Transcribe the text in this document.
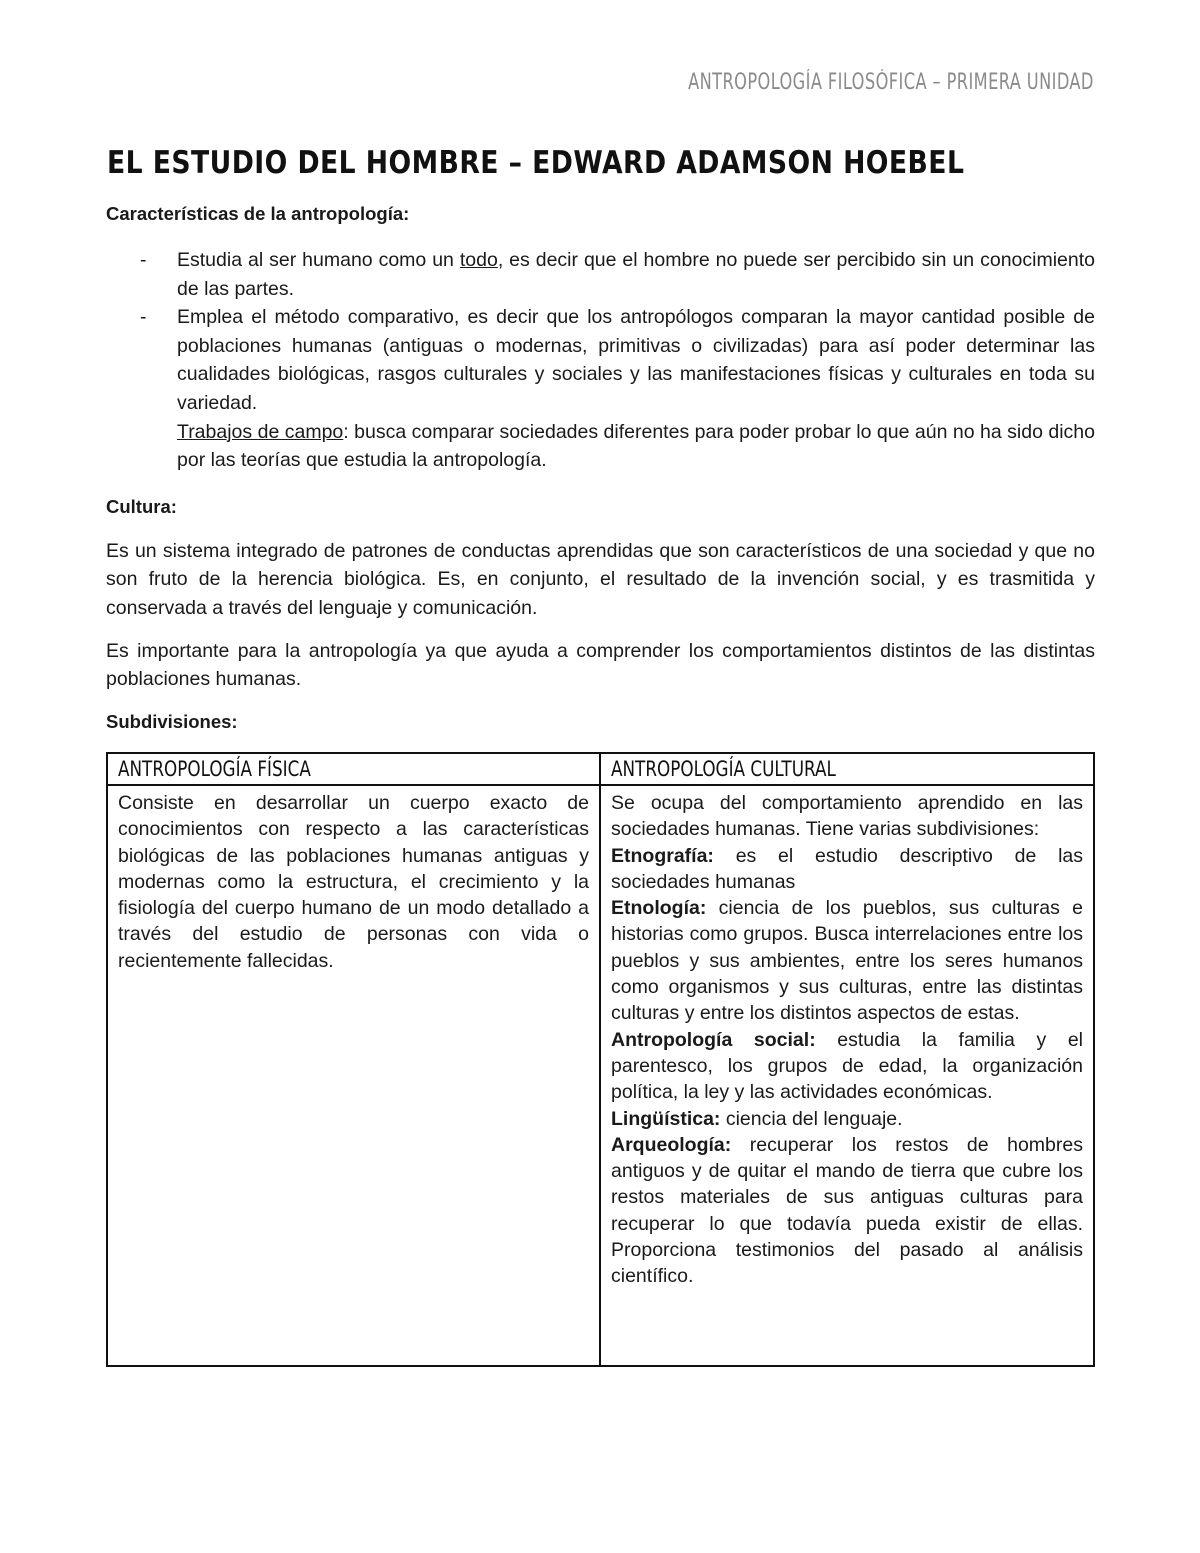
ANTROPOLOGÍA FILOSÓFICA – PRIMERA UNIDAD
EL ESTUDIO DEL HOMBRE – EDWARD ADAMSON HOEBEL

Características de la antropología:

- Estudia al ser humano como un todo, es decir que el hombre no puede ser percibido sin un conocimiento de las partes.
- Emplea el método comparativo, es decir que los antropólogos comparan la mayor cantidad posible de poblaciones humanas (antiguas o modernas, primitivas o civilizadas) para así poder determinar las cualidades biológicas, rasgos culturales y sociales y las manifestaciones físicas y culturales en toda su variedad.
Trabajos de campo: busca comparar sociedades diferentes para poder probar lo que aún no ha sido dicho por las teorías que estudia la antropología.

Cultura:

Es un sistema integrado de patrones de conductas aprendidas que son característicos de una sociedad y que no son fruto de la herencia biológica. Es, en conjunto, el resultado de la invención social, y es trasmitida y conservada a través del lenguaje y comunicación.

Es importante para la antropología ya que ayuda a comprender los comportamientos distintos de las distintas poblaciones humanas.

Subdivisiones:

ANTROPOLOGÍA FÍSICA	ANTROPOLOGÍA CULTURAL
Consiste en desarrollar un cuerpo exacto de conocimientos con respecto a las características biológicas de las poblaciones humanas antiguas y modernas como la estructura, el crecimiento y la fisiología del cuerpo humano de un modo detallado a través del estudio de personas con vida o recientemente fallecidas.
Se ocupa del comportamiento aprendido en las sociedades humanas. Tiene varias subdivisiones:
Etnografía: es el estudio descriptivo de las sociedades humanas
Etnología: ciencia de los pueblos, sus culturas e historias como grupos. Busca interrelaciones entre los pueblos y sus ambientes, entre los seres humanos como organismos y sus culturas, entre las distintas culturas y entre los distintos aspectos de estas.
Antropología social: estudia la familia y el parentesco, los grupos de edad, la organización política, la ley y las actividades económicas.
Lingüística: ciencia del lenguaje.
Arqueología: recuperar los restos de hombres antiguos y de quitar el mando de tierra que cubre los restos materiales de sus antiguas culturas para recuperar lo que todavía pueda existir de ellas. Proporciona testimonios del pasado al análisis científico.
